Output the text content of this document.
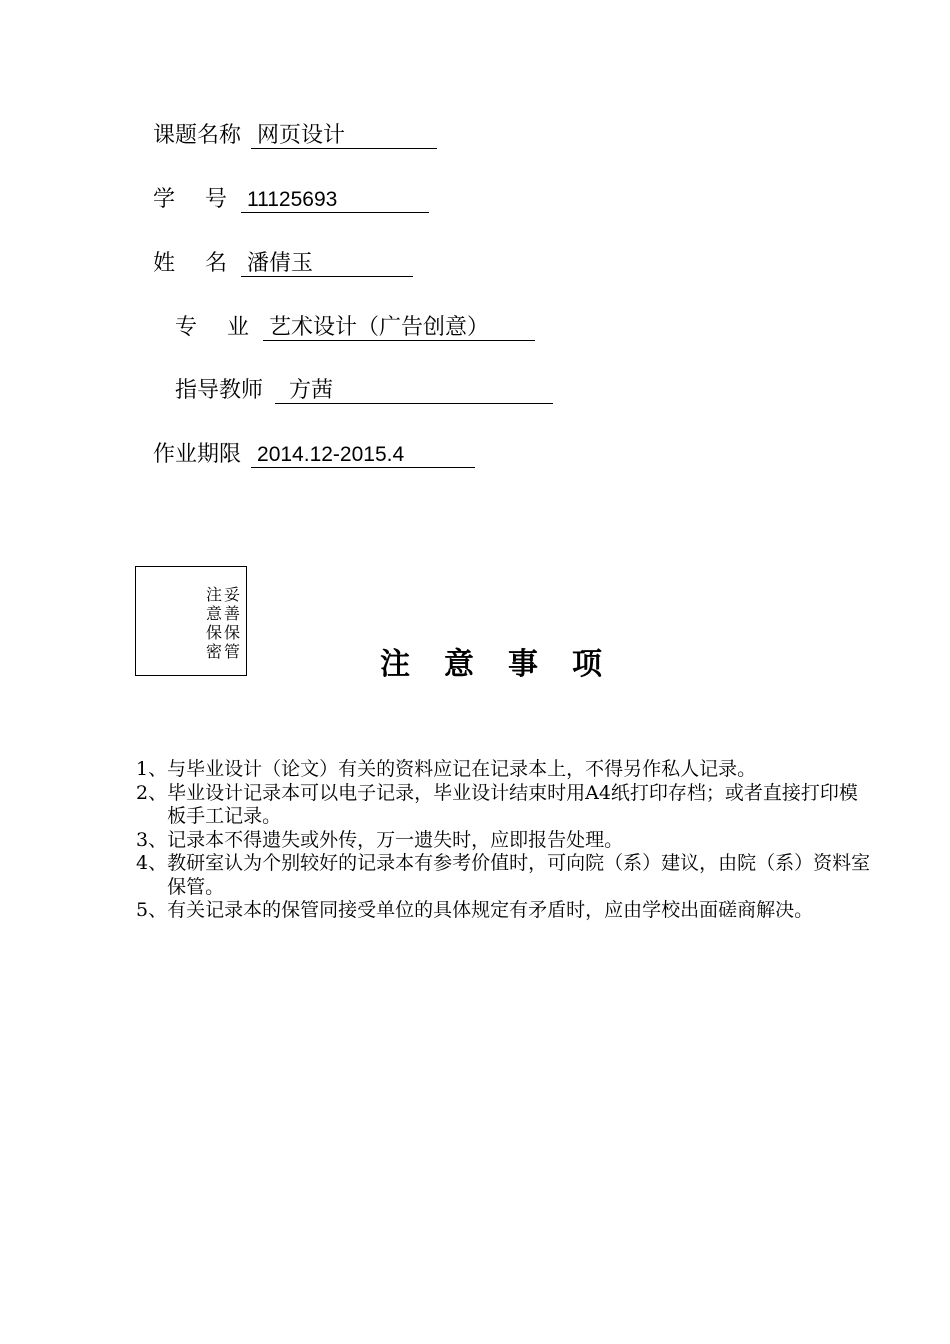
课题名称 网页设计
学　号 11125693
姓　名 潘倩玉
专　业 艺术设计（广告创意）
指导教师 方茜
作业期限 2014.12-2015.4
妥
善
保
管
注
意
保
密	注 意 事 项
1、 与毕业设计（论文）有关的资料应记在记录本上，不得另作私人记录。
2、 毕业设计记录本可以电子记录，毕业设计结束时用A4纸打印存档；或者直接打印模板手工记录。
3、 记录本不得遗失或外传，万一遗失时，应即报告处理。
4、 教研室认为个别较好的记录本有参考价值时，可向院（系）建议，由院（系）资料室保管。
5、 有关记录本的保管同接受单位的具体规定有矛盾时，应由学校出面磋商解决。
